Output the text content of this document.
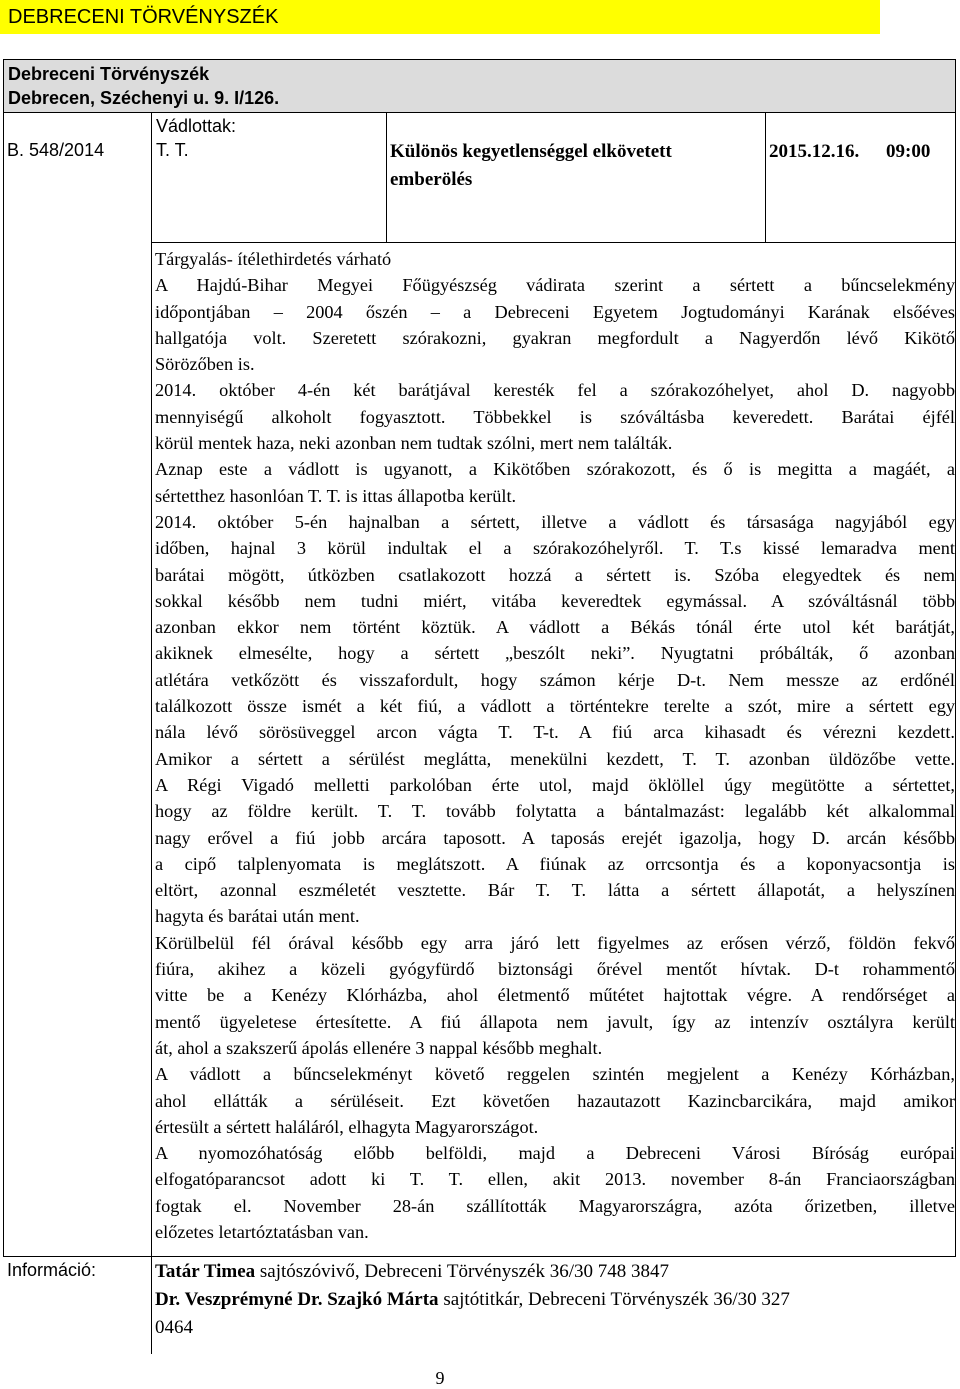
DEBRECENI TÖRVÉNYSZÉK
Debreceni Törvényszék
Debrecen, Széchenyi u. 9. I/126.
B. 548/2014
Vádlottak:
T. T.	Különös kegyetlenséggel elkövetett
emberölés
2015.12.16. 09:00
Tárgyalás- ítélethirdetés várható
A Hajdú-Bihar Megyei Főügyészség vádirata szerint a sértett a bűncselekmény
időpontjában – 2004 őszén – a Debreceni Egyetem Jogtudományi Karának elsőéves
hallgatója volt. Szeretett szórakozni, gyakran megfordult a Nagyerdőn lévő Kikötő
Sörözőben is.
2014. október 4-én két barátjával keresték fel a szórakozóhelyet, ahol D. nagyobb
mennyiségű alkoholt fogyasztott. Többekkel is szóváltásba keveredett. Barátai éjfél
körül mentek haza, neki azonban nem tudtak szólni, mert nem találták.
Aznap este a vádlott is ugyanott, a Kikötőben szórakozott, és ő is megitta a magáét, a
sértetthez hasonlóan T. T. is ittas állapotba került.
2014. október 5-én hajnalban a sértett, illetve a vádlott és társasága nagyjából egy
időben, hajnal 3 körül indultak el a szórakozóhelyről. T. T.s kissé lemaradva ment
barátai mögött, útközben csatlakozott hozzá a sértett is. Szóba elegyedtek és nem
sokkal később nem tudni miért, vitába keveredtek egymással. A szóváltásnál több
azonban ekkor nem történt köztük. A vádlott a Békás tónál érte utol két barátját,
akiknek elmesélte, hogy a sértett „beszólt neki”. Nyugtatni próbálták, ő azonban
atlétára vetkőzött és visszafordult, hogy számon kérje D-t. Nem messze az erdőnél
találkozott össze ismét a két fiú, a vádlott a történtekre terelte a szót, mire a sértett egy
nála lévő sörösüveggel arcon vágta T. T-t. A fiú arca kihasadt és vérezni kezdett.
Amikor a sértett a sérülést meglátta, menekülni kezdett, T. T. azonban üldözőbe vette.
A Régi Vigadó melletti parkolóban érte utol, majd öklöllel úgy megütötte a sértettet,
hogy az földre került. T. T. tovább folytatta a bántalmazást: legalább két alkalommal
nagy erővel a fiú jobb arcára taposott. A taposás erejét igazolja, hogy D. arcán később
a cipő talplenyomata is meglátszott. A fiúnak az orrcsontja és a koponyacsontja is
eltört, azonnal eszméletét vesztette. Bár T. T. látta a sértett állapotát, a helyszínen
hagyta és barátai után ment.
Körülbelül fél órával később egy arra járó lett figyelmes az erősen vérző, földön fekvő
fiúra, akihez a közeli gyógyfürdő biztonsági őrével mentőt hívtak. D-t rohammentő
vitte be a Kenézy Klórházba, ahol életmentő műtétet hajtottak végre. A rendőrséget a
mentő ügyeletese értesítette. A fiú állapota nem javult, így az intenzív osztályra került
át, ahol a szakszerű ápolás ellenére 3 nappal később meghalt.
A vádlott a bűncselekményt követő reggelen szintén megjelent a Kenézy Kórházban,
ahol ellátták a sérüléseit. Ezt követően hazautazott Kazincbarcikára, majd amikor
értesült a sértett haláláról, elhagyta Magyarországot.
A nyomozóhatóság előbb belföldi, majd a Debreceni Városi Bíróság európai
elfogatóparancsot adott ki T. T. ellen, akit 2013. november 8-án Franciaországban
fogtak el. November 28-án szállították Magyarországra, azóta őrizetben, illetve
előzetes letartóztatásban van.
Információ:	Tatár Timea sajtószóvivő, Debreceni Törvényszék 36/30 748 3847
Dr. Veszprémyné Dr. Szajkó Márta sajtótitkár, Debreceni Törvényszék 36/30 327
0464
9
